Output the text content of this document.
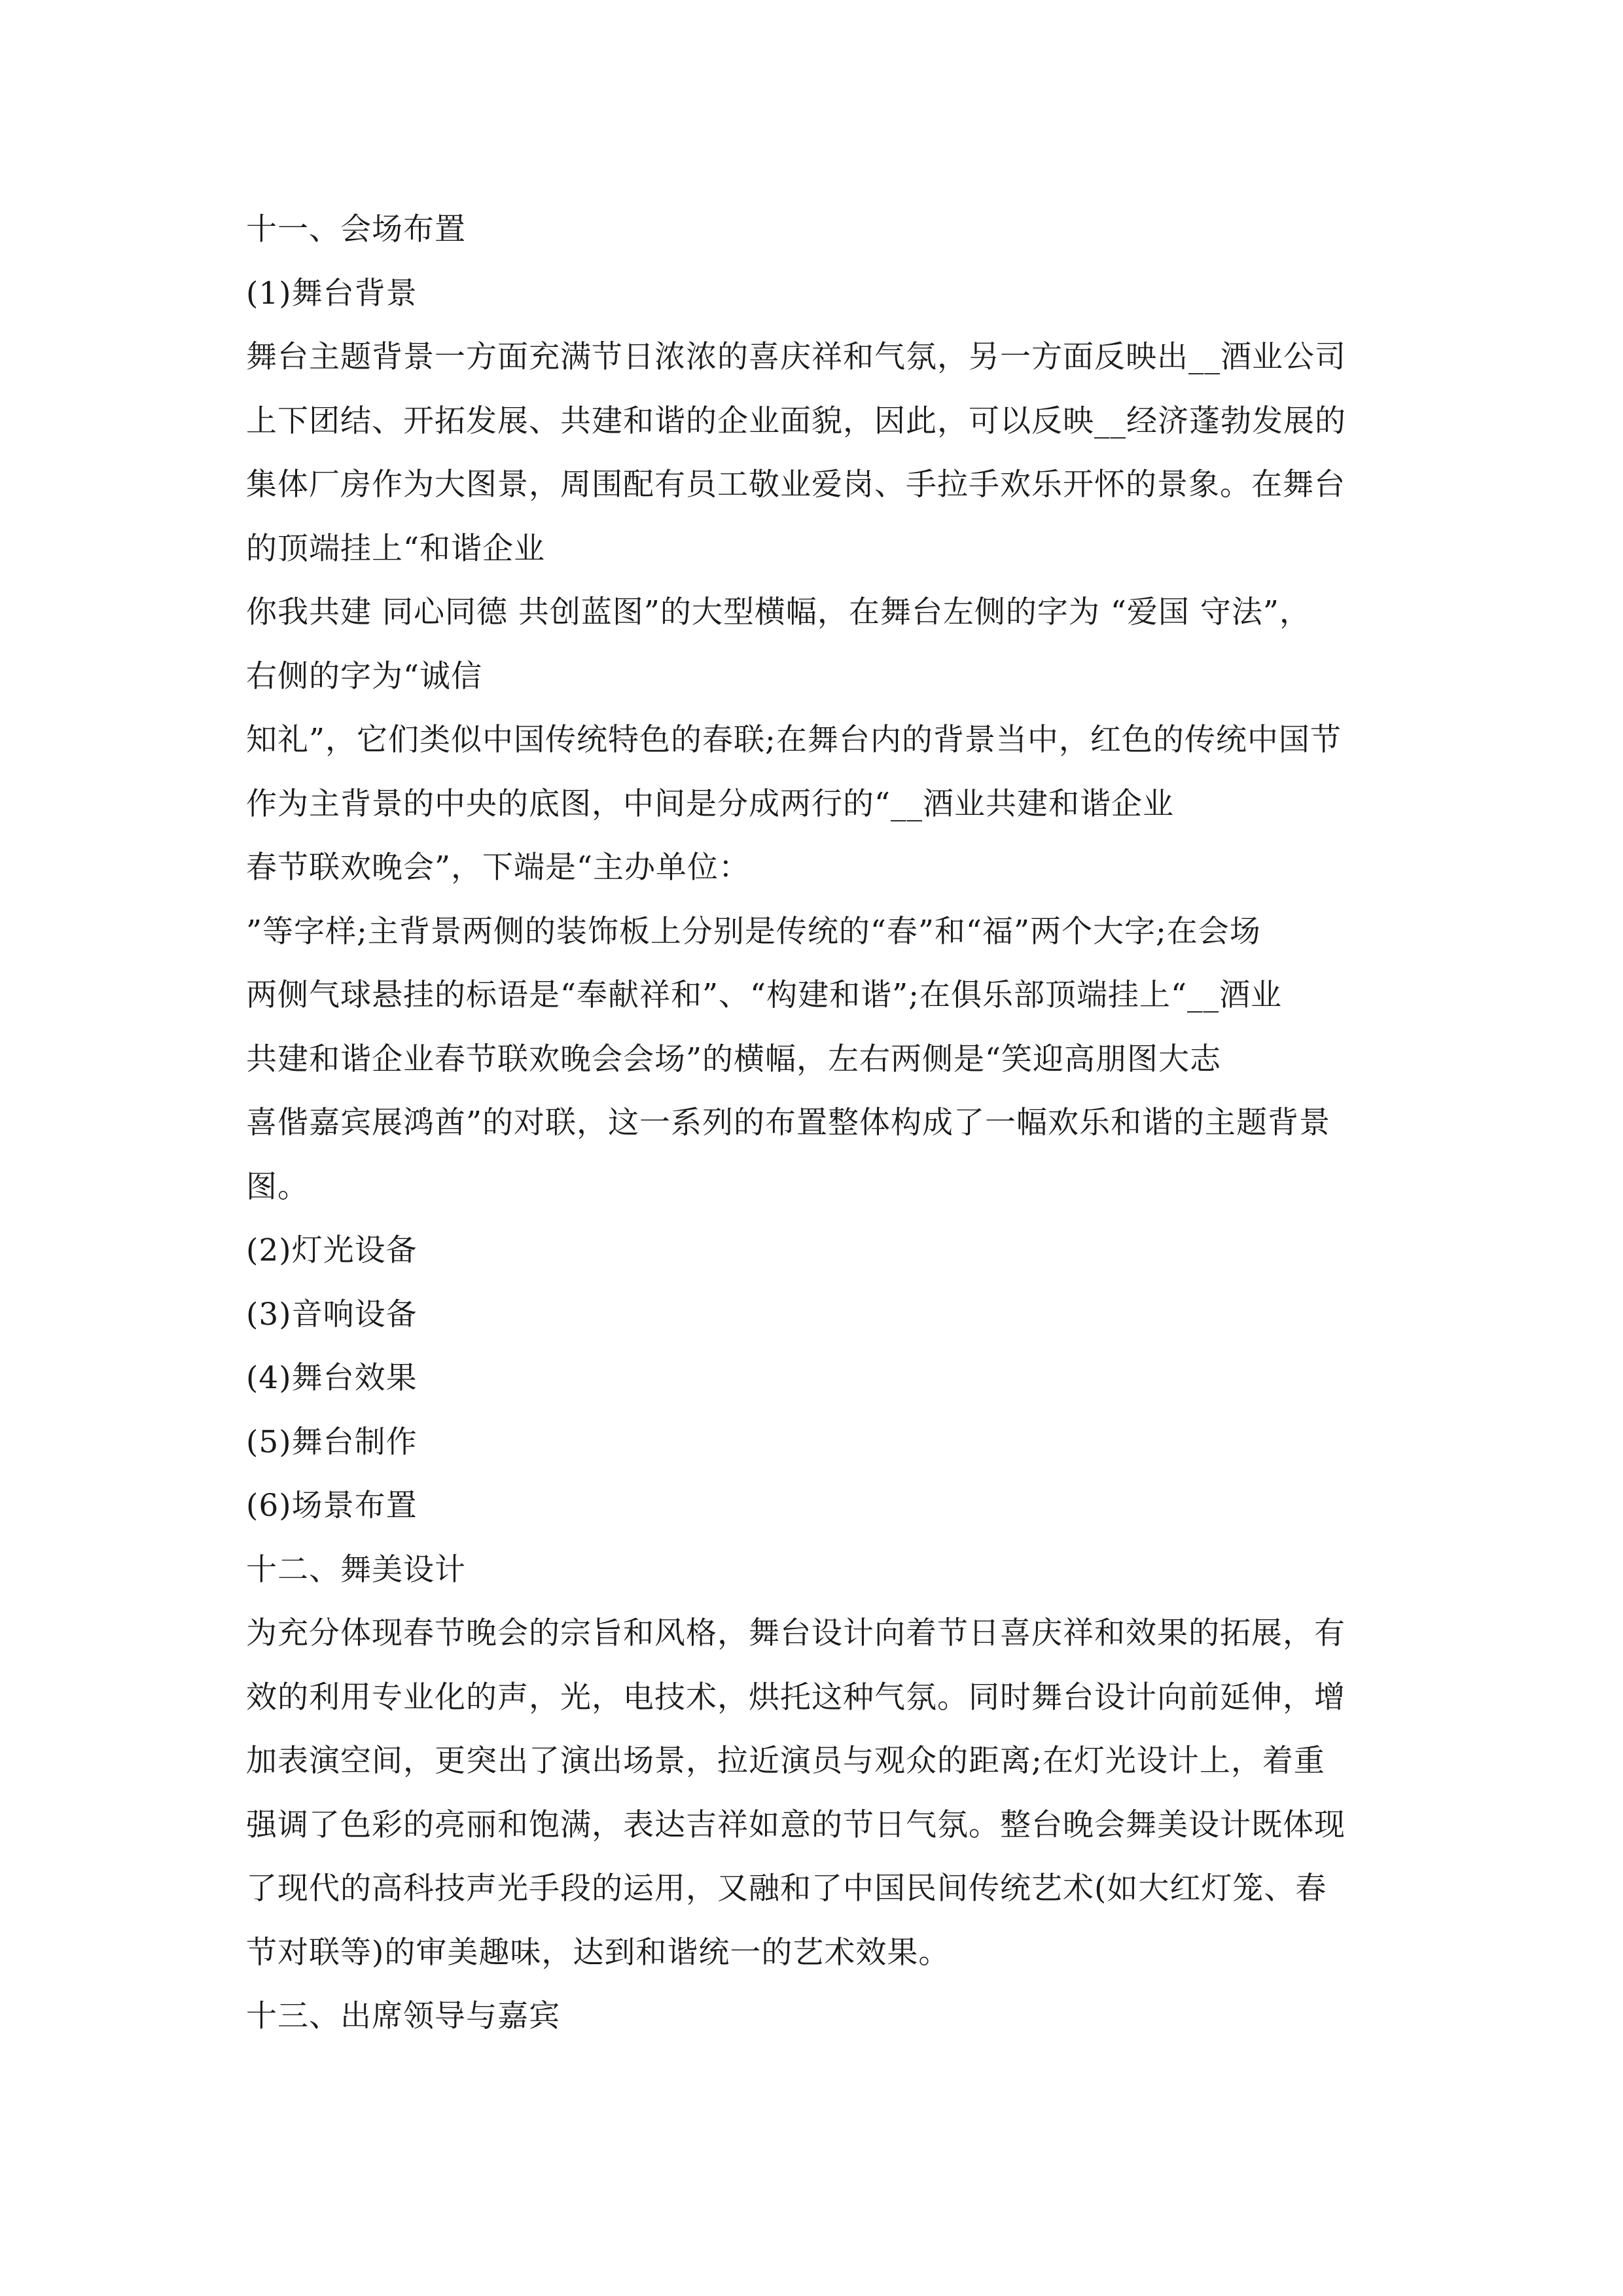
十一、会场布置
(1)舞台背景
舞台主题背景一方面充满节日浓浓的喜庆祥和气氛，另一方面反映出__酒业公司
上下团结、开拓发展、共建和谐的企业面貌，因此，可以反映__经济蓬勃发展的
集体厂房作为大图景，周围配有员工敬业爱岗、手拉手欢乐开怀的景象。在舞台
的顶端挂上“和谐企业
你我共建 同心同德 共创蓝图”的大型横幅，在舞台左侧的字为 “爱国 守法”，
右侧的字为“诚信
知礼”，它们类似中国传统特色的春联;在舞台内的背景当中，红色的传统中国节
作为主背景的中央的底图，中间是分成两行的“__酒业共建和谐企业
春节联欢晚会”，下端是“主办单位：
”等字样;主背景两侧的装饰板上分别是传统的“春”和“福”两个大字;在会场
两侧气球悬挂的标语是“奉献祥和”、“构建和谐”;在俱乐部顶端挂上“__酒业
共建和谐企业春节联欢晚会会场”的横幅，左右两侧是“笑迎高朋图大志
喜偕嘉宾展鸿酋”的对联，这一系列的布置整体构成了一幅欢乐和谐的主题背景
图。
(2)灯光设备
(3)音响设备
(4)舞台效果
(5)舞台制作
(6)场景布置
十二、舞美设计
为充分体现春节晚会的宗旨和风格，舞台设计向着节日喜庆祥和效果的拓展，有
效的利用专业化的声，光，电技术，烘托这种气氛。同时舞台设计向前延伸，增
加表演空间，更突出了演出场景，拉近演员与观众的距离;在灯光设计上，着重
强调了色彩的亮丽和饱满，表达吉祥如意的节日气氛。整台晚会舞美设计既体现
了现代的高科技声光手段的运用，又融和了中国民间传统艺术(如大红灯笼、春
节对联等)的审美趣味，达到和谐统一的艺术效果。
十三、出席领导与嘉宾
